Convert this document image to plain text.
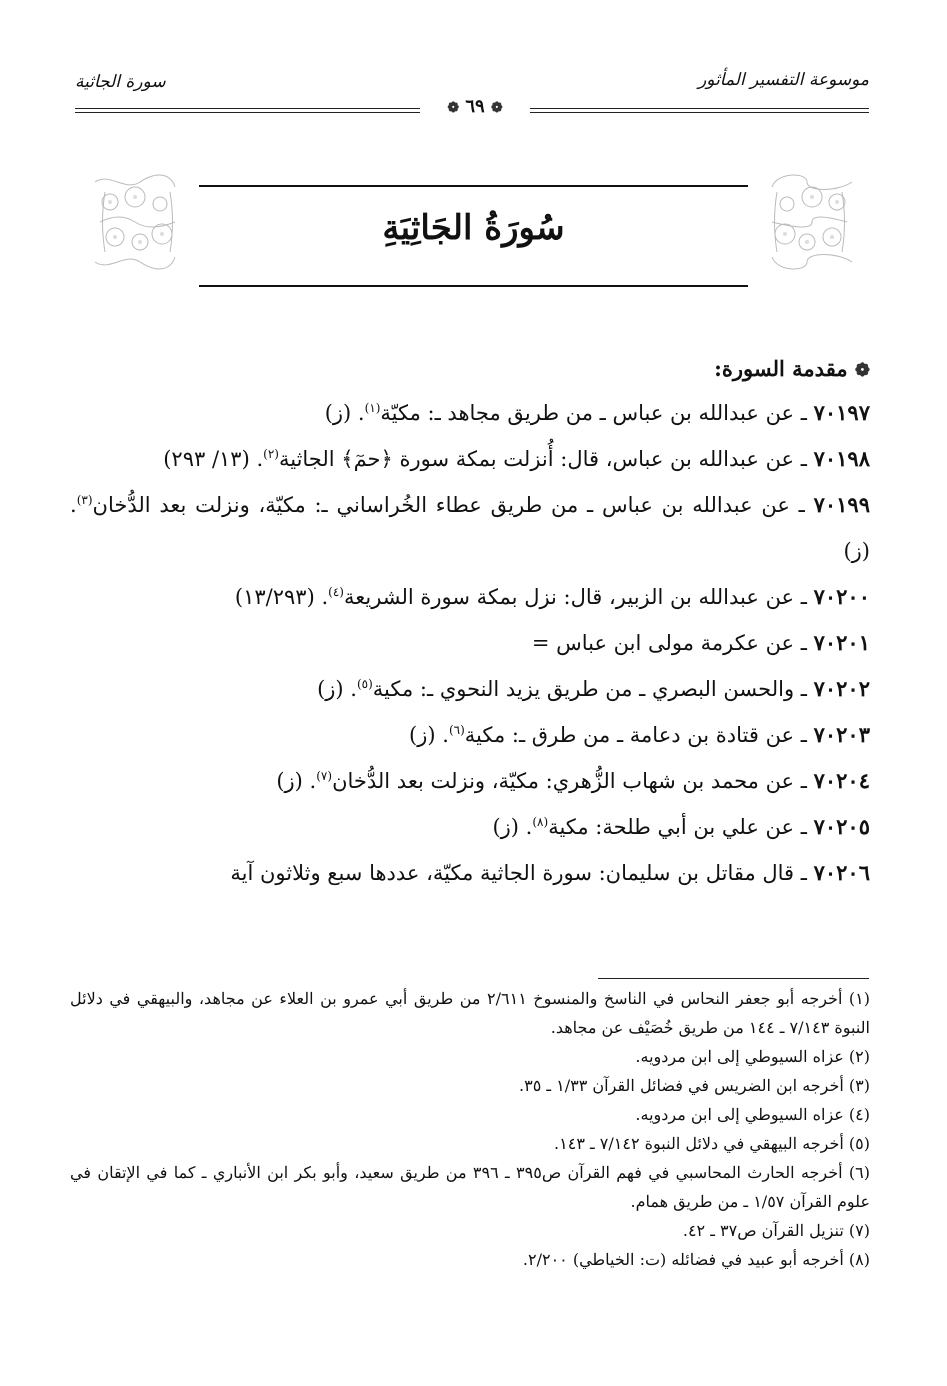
موسوعة التفسير المأثور
سورة الجاثية
❁ ٦٩ ❁
سُورَةُ الجَاثِيَةِ
❁ مقدمة السورة:
٧٠١٩٧ ـ عن عبدالله بن عباس ـ من طريق مجاهد ـ: مكيّة$^{(١)}$. (ز)
٧٠١٩٨ ـ عن عبدالله بن عباس، قال: أُنزلت بمكة سورة ﴿حمٓ﴾ الجاثية$^{(٢)}$. (١٣/ ٢٩٣)
٧٠١٩٩ ـ عن عبدالله بن عباس ـ من طريق عطاء الخُراساني ـ: مكيّة، ونزلت بعد الدُّخان$^{(٣)}$. (ز)
٧٠٢٠٠ ـ عن عبدالله بن الزبير، قال: نزل بمكة سورة الشريعة$^{(٤)}$. (١٣/٢٩٣)
٧٠٢٠١ ـ عن عكرمة مولى ابن عباس =
٧٠٢٠٢ ـ والحسن البصري ـ من طريق يزيد النحوي ـ: مكية$^{(٥)}$. (ز)
٧٠٢٠٣ ـ عن قتادة بن دعامة ـ من طرق ـ: مكية$^{(٦)}$. (ز)
٧٠٢٠٤ ـ عن محمد بن شهاب الزُّهري: مكيّة، ونزلت بعد الدُّخان$^{(٧)}$. (ز)
٧٠٢٠٥ ـ عن علي بن أبي طلحة: مكية$^{(٨)}$. (ز)
٧٠٢٠٦ ـ قال مقاتل بن سليمان: سورة الجاثية مكيّة، عددها سبع وثلاثون آية
(١) أخرجه أبو جعفر النحاس في الناسخ والمنسوخ ٢/٦١١ من طريق أبي عمرو بن العلاء عن مجاهد، والبيهقي في دلائل النبوة ٧/١٤٣ ـ ١٤٤ من طريق خُصَيْف عن مجاهد.
(٢) عزاه السيوطي إلى ابن مردويه.
(٣) أخرجه ابن الضريس في فضائل القرآن ١/٣٣ ـ ٣٥.
(٤) عزاه السيوطي إلى ابن مردويه.
(٥) أخرجه البيهقي في دلائل النبوة ٧/١٤٢ ـ ١٤٣.
(٦) أخرجه الحارث المحاسبي في فهم القرآن ص٣٩٥ ـ ٣٩٦ من طريق سعيد، وأبو بكر ابن الأنباري ـ كما في الإتقان في علوم القرآن ١/٥٧ ـ من طريق همام.
(٧) تنزيل القرآن ص٣٧ ـ ٤٢.
(٨) أخرجه أبو عبيد في فضائله (ت: الخياطي) ٢/٢٠٠.
